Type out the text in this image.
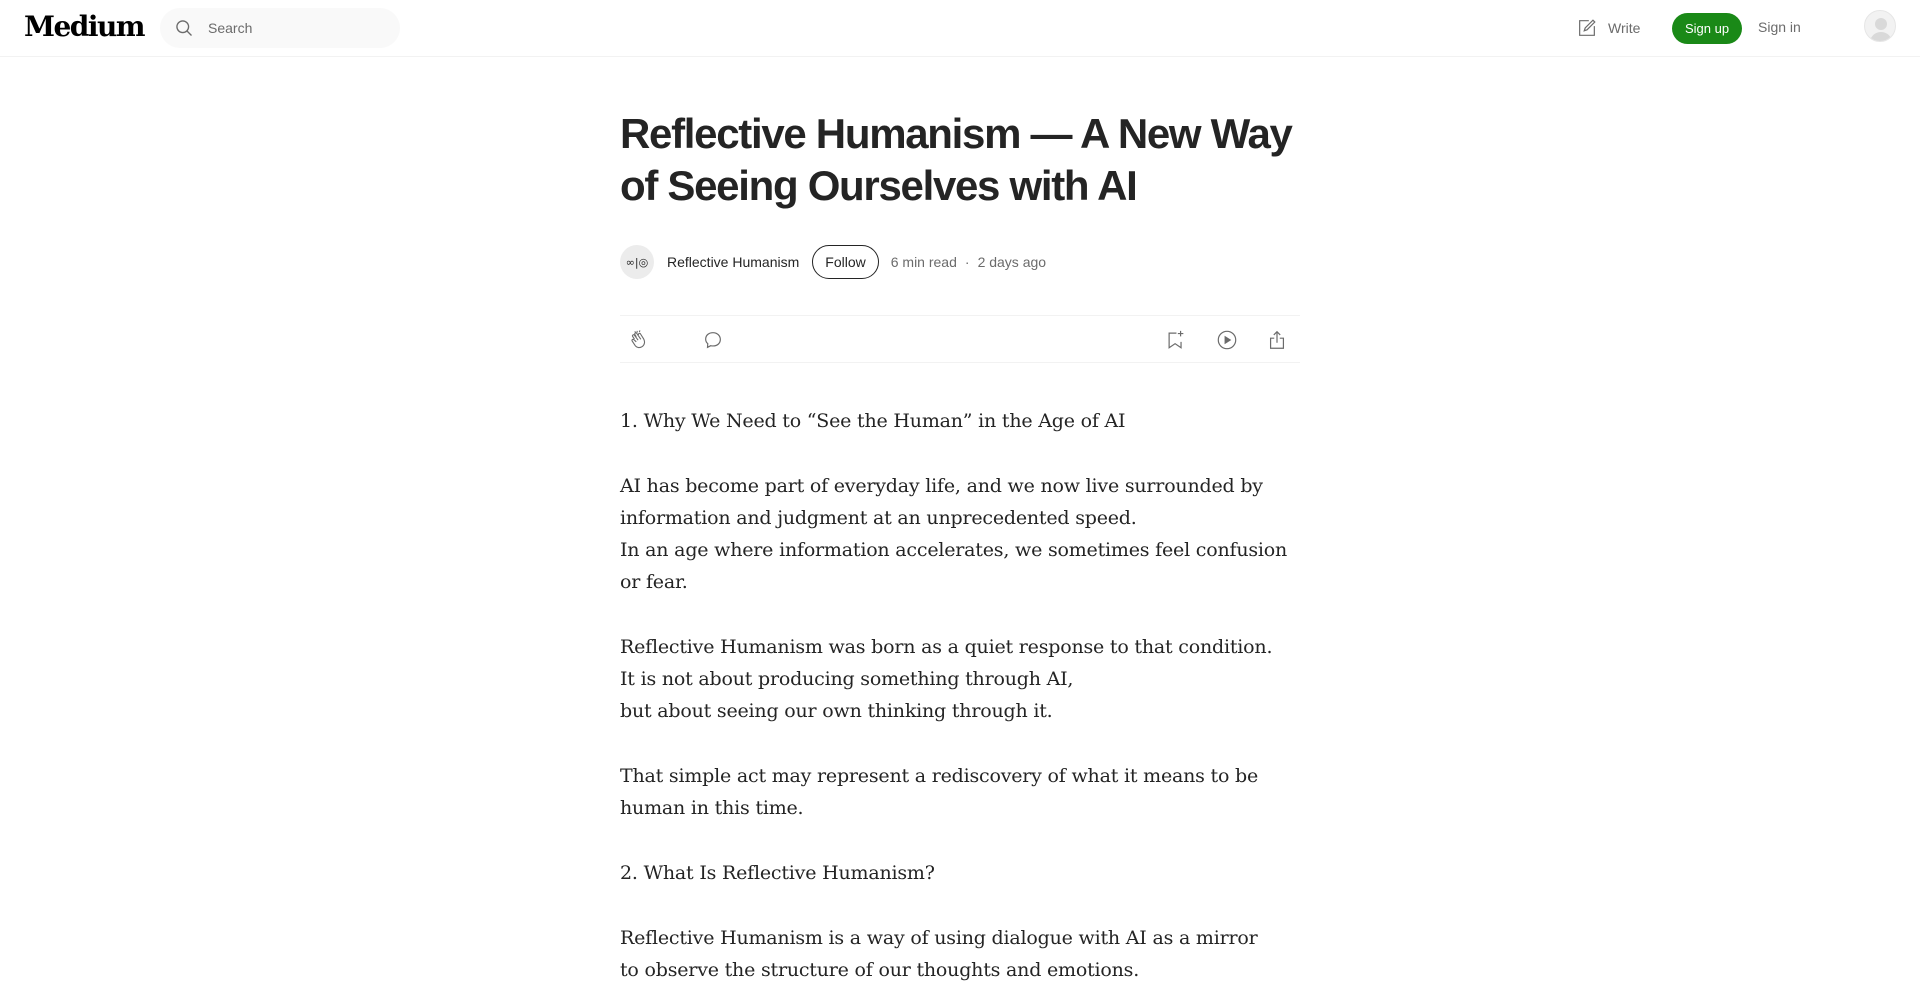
Medium
Search	Write	Sign up	Sign in
Reflective Humanism — A New Way of Seeing Ourselves with AI
∞|◎	Reflective Humanism	Follow	6 min read · 2 days ago

1. Why We Need to “See the Human” in the Age of AI

AI has become part of everyday life, and we now live surrounded by information and judgment at an unprecedented speed.
In an age where information accelerates, we sometimes feel confusion or fear.

Reflective Humanism was born as a quiet response to that condition.
It is not about producing something through AI,
but about seeing our own thinking through it.

That simple act may represent a rediscovery of what it means to be human in this time.

2. What Is Reflective Humanism?

Reflective Humanism is a way of using dialogue with AI as a mirror
to observe the structure of our thoughts and emotions.
